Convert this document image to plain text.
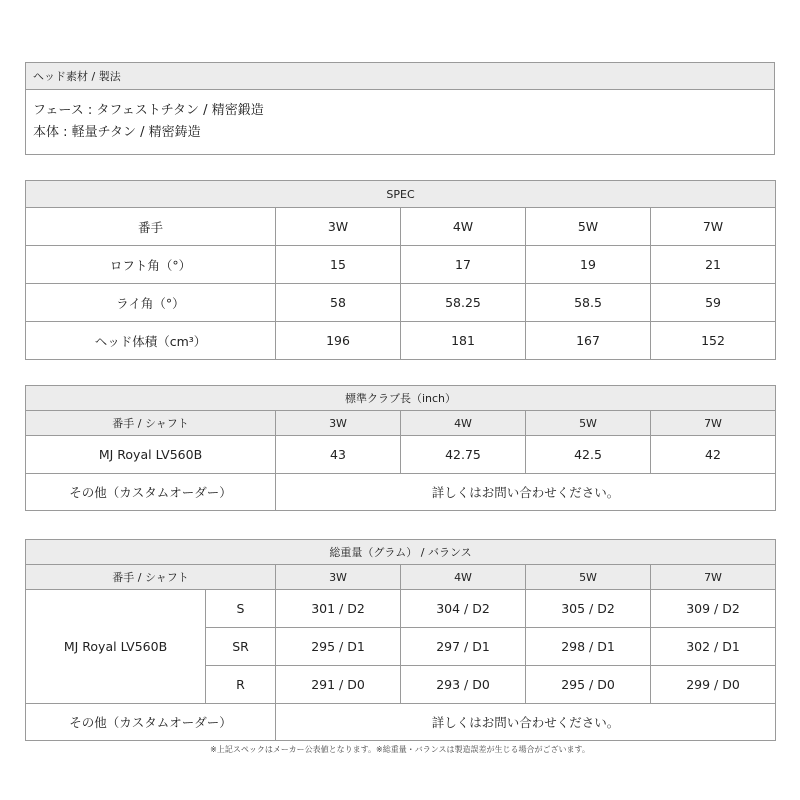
ヘッド素材 / 製法

フェース : タフェストチタン / 精密鍛造
本体 : 軽量チタン / 精密鋳造
SPEC				
番手	3W	4W	5W	7W
ロフト角（°）	15	17	19	21
ライ角（°）	58	58.25	58.5	59
ヘッド体積（cm³）	196	181	167	152
標準クラブ長（inch）				
番手 / シャフト	3W	4W	5W	7W
MJ Royal LV560B	43	42.75	42.5	42
その他（カスタムオーダー）	詳しくはお問い合わせください。			
総重量（グラム） / バランス					
番手 / シャフト		3W	4W	5W	7W
MJ Royal LV560B	S	301 / D2	304 / D2	305 / D2	309 / D2
	SR	295 / D1	297 / D1	298 / D1	302 / D1
	R	291 / D0	293 / D0	295 / D0	299 / D0
その他（カスタムオーダー）		詳しくはお問い合わせください。			
※上記スペックはメーカー公表値となります。※総重量・バランスは製造誤差が生じる場合がございます。
